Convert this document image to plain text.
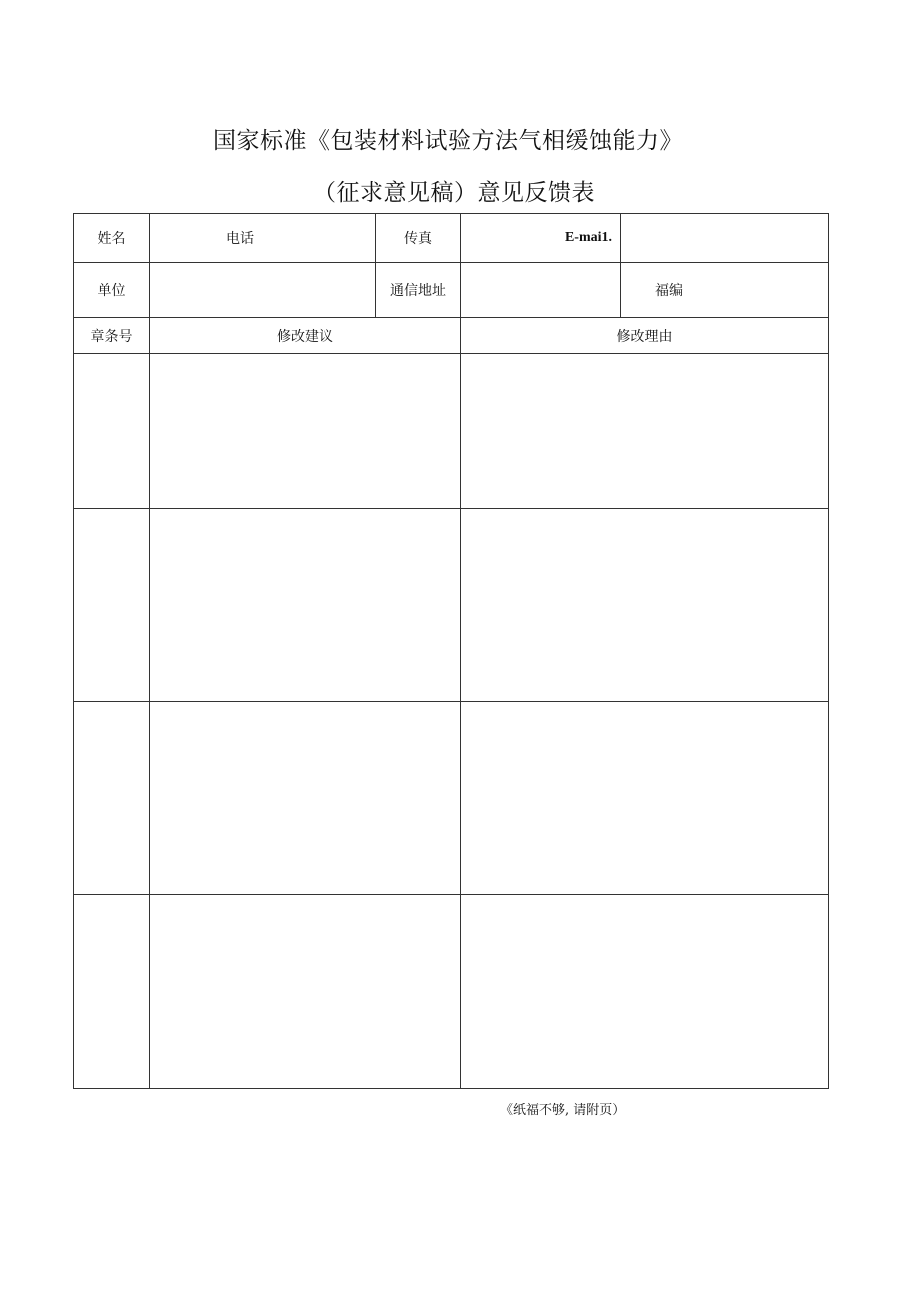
国家标准《包装材料试验方法气相缓蚀能力》
（征求意见稿）意见反馈表
姓名	电话	传真	E-mai1.	
单位		通信地址		福编
章条号	修改建议		修改理由	

《纸福不够, 请附页）
